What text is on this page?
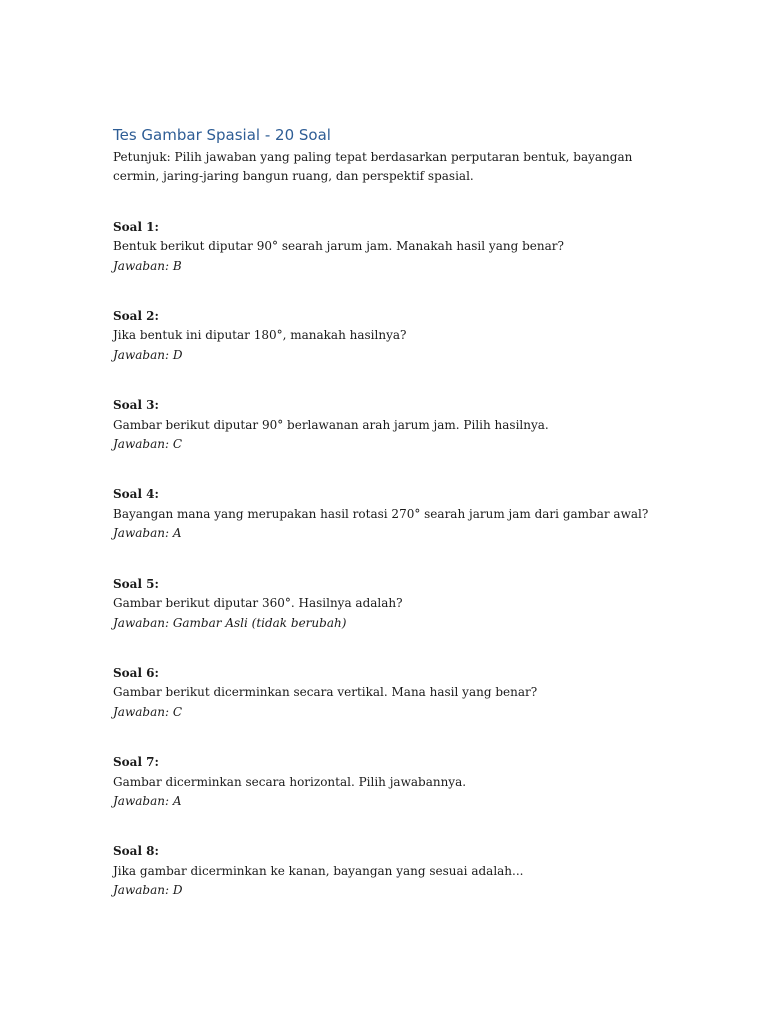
Tes Gambar Spasial - 20 Soal

Petunjuk: Pilih jawaban yang paling tepat berdasarkan perputaran bentuk, bayangan cermin, jaring-jaring bangun ruang, dan perspektif spasial.

Soal 1:
Bentuk berikut diputar 90° searah jarum jam. Manakah hasil yang benar?
Jawaban: B
Soal 2:
Jika bentuk ini diputar 180°, manakah hasilnya?
Jawaban: D
Soal 3:
Gambar berikut diputar 90° berlawanan arah jarum jam. Pilih hasilnya.
Jawaban: C
Soal 4:
Bayangan mana yang merupakan hasil rotasi 270° searah jarum jam dari gambar awal?
Jawaban: A
Soal 5:
Gambar berikut diputar 360°. Hasilnya adalah?
Jawaban: Gambar Asli (tidak berubah)
Soal 6:
Gambar berikut dicerminkan secara vertikal. Mana hasil yang benar?
Jawaban: C
Soal 7:
Gambar dicerminkan secara horizontal. Pilih jawabannya.
Jawaban: A
Soal 8:
Jika gambar dicerminkan ke kanan, bayangan yang sesuai adalah...
Jawaban: D
